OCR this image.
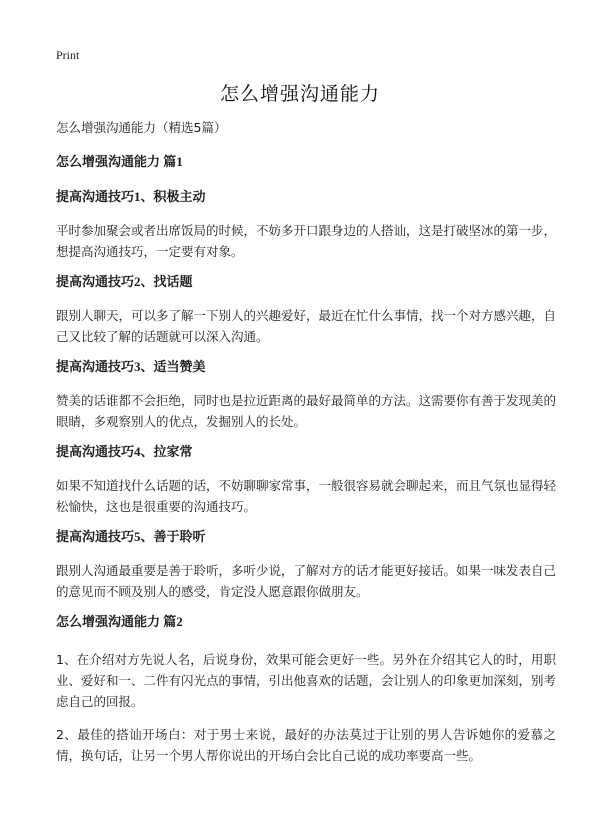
Print
怎么增强沟通能力
怎么增强沟通能力（精选5篇）
怎么增强沟通能力 篇1
提高沟通技巧1、积极主动
平时参加聚会或者出席饭局的时候，不妨多开口跟身边的人搭讪，这是打破坚冰的第一步，想提高沟通技巧，一定要有对象。
提高沟通技巧2、找话题
跟别人聊天，可以多了解一下别人的兴趣爱好，最近在忙什么事情，找一个对方感兴趣，自己又比较了解的话题就可以深入沟通。
提高沟通技巧3、适当赞美
赞美的话谁都不会拒绝，同时也是拉近距离的最好最简单的方法。这需要你有善于发现美的眼睛，多观察别人的优点，发掘别人的长处。
提高沟通技巧4、拉家常
如果不知道找什么话题的话，不妨聊聊家常事，一般很容易就会聊起来，而且气氛也显得轻松愉快，这也是很重要的沟通技巧。
提高沟通技巧5、善于聆听
跟别人沟通最重要是善于聆听，多听少说，了解对方的话才能更好接话。如果一味发表自己的意见而不顾及别人的感受，肯定没人愿意跟你做朋友。
怎么增强沟通能力 篇2
1、在介绍对方先说人名，后说身份，效果可能会更好一些。另外在介绍其它人的时，用职业、爱好和一、二件有闪光点的事情，引出他喜欢的话题，会让别人的印象更加深刻，别考虑自己的回报。
2、最佳的搭讪开场白：对于男士来说，最好的办法莫过于让别的男人告诉她你的爱慕之情，换句话，让另一个男人帮你说出的开场白会比自己说的成功率要高一些。
